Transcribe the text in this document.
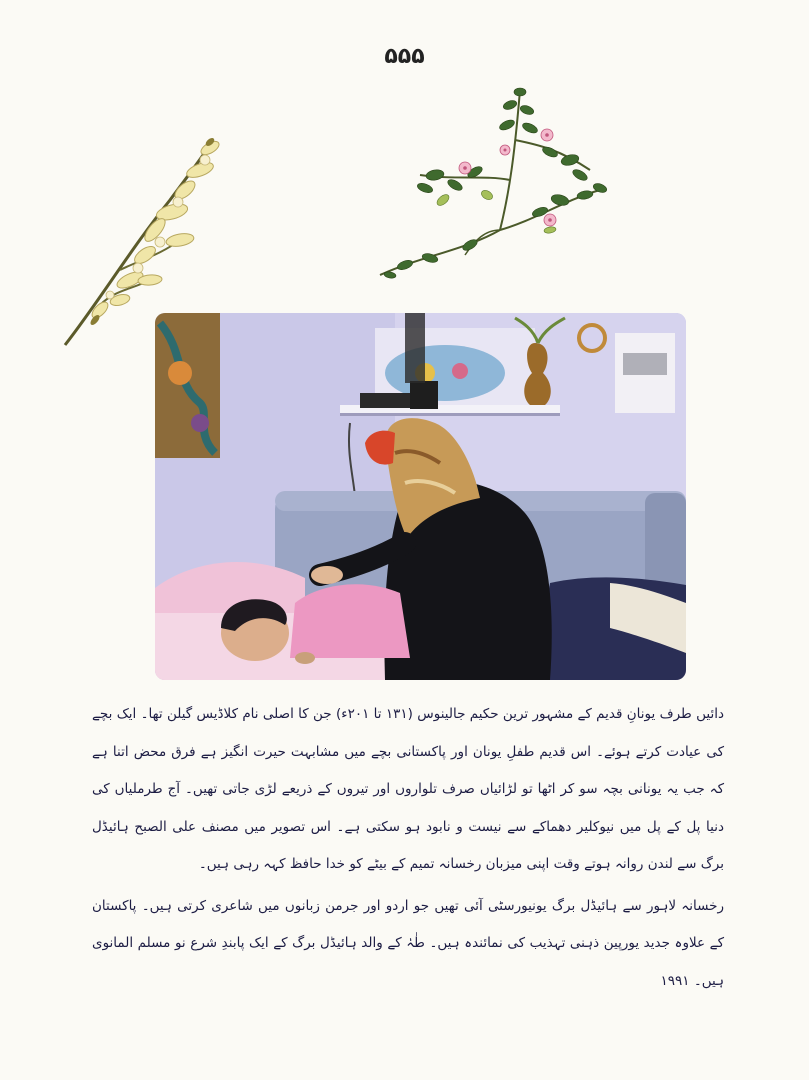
۵۵۵

دائیں طرف یونانِ قدیم کے مشہور ترین حکیم جالینوس (۱۳۱ تا ۲۰۱ء) جن کا اصلی نام کلاڈیس گیلن تھا۔ ایک بچے کی عیادت کرتے ہوئے۔ اس قدیم طفلِ یونان اور پاکستانی بچے میں مشابہت حیرت انگیز ہے فرق محض اتنا ہے کہ جب یہ یونانی بچہ سو کر اٹھا تو لڑائیاں صرف تلواروں اور تیروں کے ذریعے لڑی جاتی تھیں۔ آج طرملیاں کی دنیا پل کے پل میں نیوکلیر دھماکے سے نیست و نابود ہو سکتی ہے۔ اس تصویر میں مصنف علی الصبح ہائیڈل برگ سے لندن روانہ ہوتے وقت اپنی میزبان رخسانہ تمیم کے بیٹے کو خدا حافظ کہہ رہی ہیں۔

رخسانہ لاہور سے ہائیڈل برگ یونیورسٹی آئی تھیں جو اردو اور جرمن زبانوں میں شاعری کرتی ہیں۔ پاکستان کے علاوہ جدید یورپین ذہنی تہذیب کی نمائندہ ہیں۔ طٰہٰ کے والد ہائیڈل برگ کے ایک پابندِ شرع نو مسلم المانوی ہیں۔ ۱۹۹۱
